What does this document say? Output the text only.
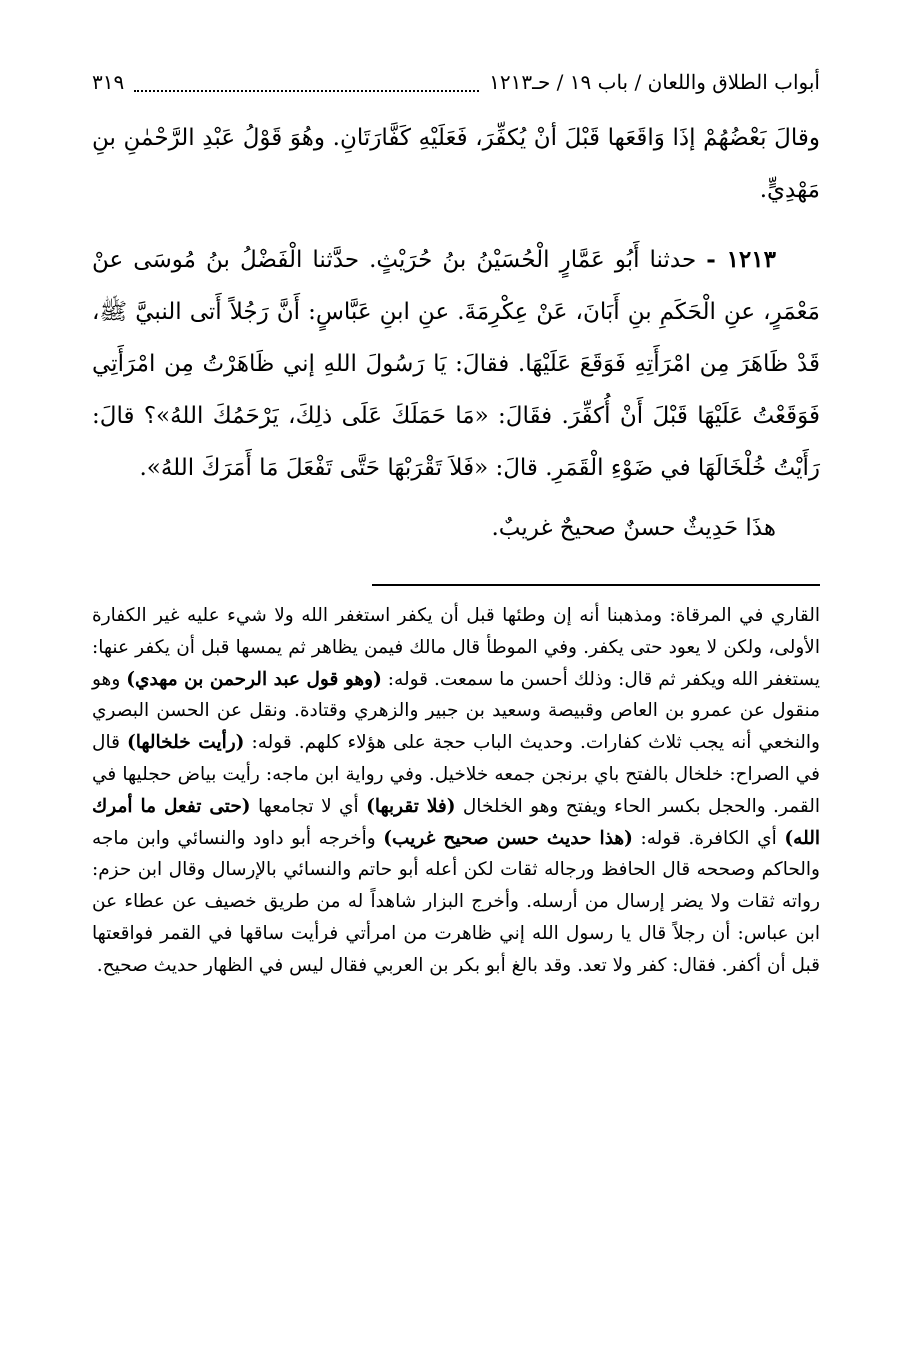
أبواب الطلاق واللعان / باب ١٩ / حـ١٢١٣
٣١٩

وقالَ بَعْضُهُمْ إذَا وَاقَعَها قَبْلَ أنْ يُكفِّرَ، فَعَلَيْهِ كَفَّارَتَانِ. وهُوَ قَوْلُ عَبْدِ الرَّحْمٰنِ بنِ مَهْدِيٍّ.

١٢١٣ - حدثنا أَبُو عَمَّارٍ الْحُسَيْنُ بنُ حُرَيْثٍ. حدَّثنا الْفَضْلُ بنُ مُوسَى عنْ مَعْمَرٍ، عنِ الْحَكَمِ بنِ أَبَانَ، عَنْ عِكْرِمَةَ. عنِ ابنِ عَبَّاسٍ: أَنَّ رَجُلاً أَتى النبيَّ ﷺ، قَدْ ظَاهَرَ مِن امْرَأَتِهِ فَوَقَعَ عَلَيْهَا. فقالَ: يَا رَسُولَ اللهِ إني ظَاهَرْتُ مِن امْرَأَتِي فَوَقَعْتُ عَلَيْهَا قَبْلَ أَنْ أُكفِّرَ. فقَالَ: «مَا حَمَلَكَ عَلَى ذلِكَ، يَرْحَمُكَ اللهُ»؟ قالَ: رَأَيْتُ خُلْخَالَهَا في ضَوْءِ الْقَمَرِ. قالَ: «فَلاَ تَقْرَبْهَا حَتَّى تَفْعَلَ مَا أَمَرَكَ اللهُ».

هذَا حَدِيثٌ حسنٌ صحيحٌ غريبٌ.

القاري في المرقاة: ومذهبنا أنه إن وطئها قبل أن يكفر استغفر الله ولا شيء عليه غير الكفارة الأولى، ولكن لا يعود حتى يكفر. وفي الموطأ قال مالك فيمن يظاهر ثم يمسها قبل أن يكفر عنها: يستغفر الله ويكفر ثم قال: وذلك أحسن ما سمعت. قوله: (وهو قول عبد الرحمن بن مهدي) وهو منقول عن عمرو بن العاص وقبيصة وسعيد بن جبير والزهري وقتادة. ونقل عن الحسن البصري والنخعي أنه يجب ثلاث كفارات. وحديث الباب حجة على هؤلاء كلهم. قوله: (رأيت خلخالها) قال في الصراح: خلخال بالفتح باي برنجن جمعه خلاخيل. وفي رواية ابن ماجه: رأيت بياض حجليها في القمر. والحجل بكسر الحاء ويفتح وهو الخلخال (فلا تقربها) أي لا تجامعها (حتى تفعل ما أمرك الله) أي الكافرة. قوله: (هذا حديث حسن صحيح غريب) وأخرجه أبو داود والنسائي وابن ماجه والحاكم وصححه قال الحافظ ورجاله ثقات لكن أعله أبو حاتم والنسائي بالإرسال وقال ابن حزم: رواته ثقات ولا يضر إرسال من أرسله. وأخرج البزار شاهداً له من طريق خصيف عن عطاء عن ابن عباس: أن رجلاً قال يا رسول الله إني ظاهرت من امرأتي فرأيت ساقها في القمر فواقعتها قبل أن أكفر. فقال: كفر ولا تعد. وقد بالغ أبو بكر بن العربي فقال ليس في الظهار حديث صحيح.
